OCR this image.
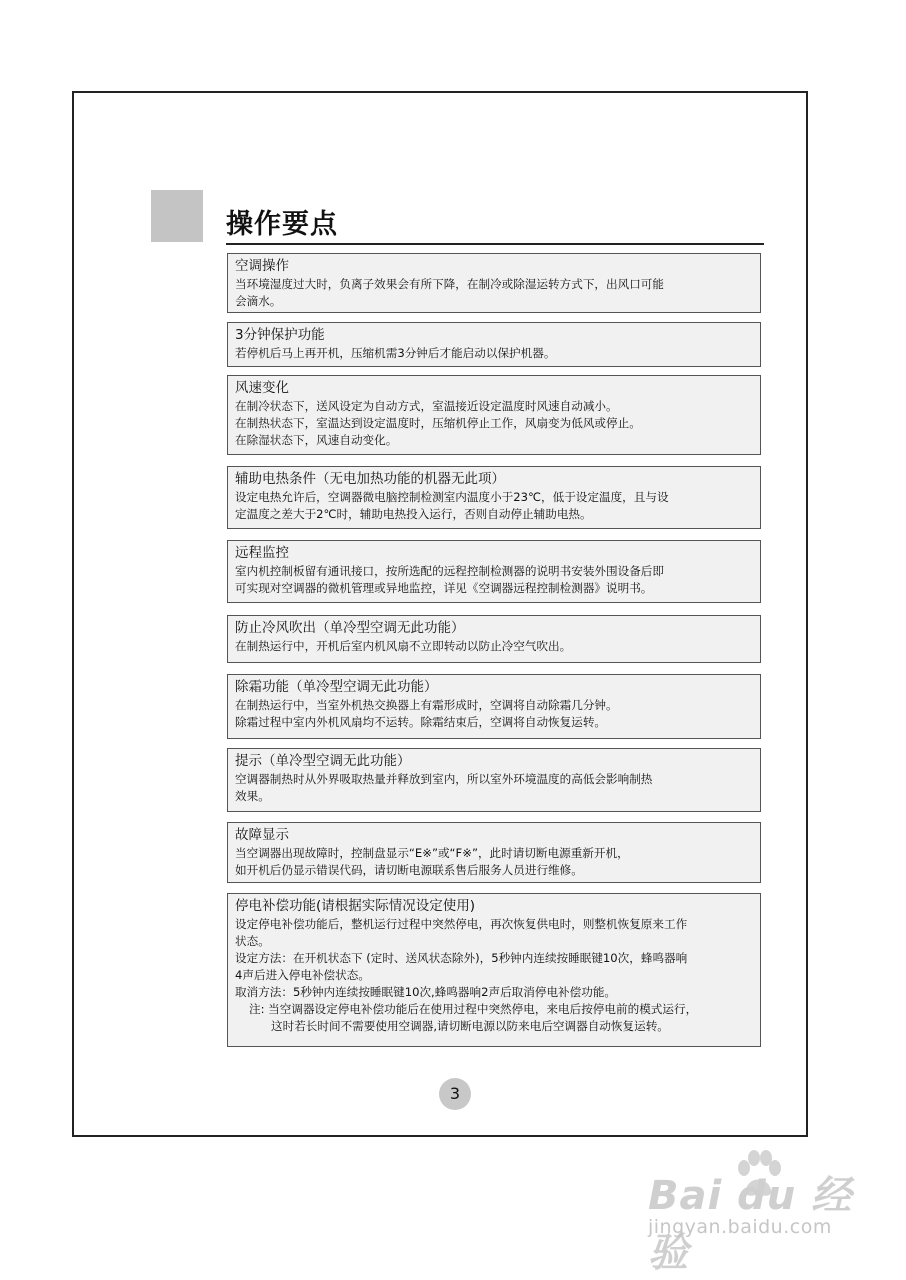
操作要点
空调操作
当环境湿度过大时，负离子效果会有所下降，在制冷或除湿运转方式下，出风口可能
会滴水。
3分钟保护功能
若停机后马上再开机，压缩机需3分钟后才能启动以保护机器。
风速变化
在制冷状态下，送风设定为自动方式，室温接近设定温度时风速自动减小。
在制热状态下，室温达到设定温度时，压缩机停止工作，风扇变为低风或停止。
在除湿状态下，风速自动变化。
辅助电热条件（无电加热功能的机器无此项）
设定电热允许后，空调器微电脑控制检测室内温度小于23℃，低于设定温度，且与设
定温度之差大于2℃时，辅助电热投入运行，否则自动停止辅助电热。
远程监控
室内机控制板留有通讯接口，按所选配的远程控制检测器的说明书安装外围设备后即
可实现对空调器的微机管理或异地监控，详见《空调器远程控制检测器》说明书。
防止冷风吹出（单冷型空调无此功能）
在制热运行中，开机后室内机风扇不立即转动以防止冷空气吹出。
除霜功能（单冷型空调无此功能）
在制热运行中，当室外机热交换器上有霜形成时，空调将自动除霜几分钟。
除霜过程中室内外机风扇均不运转。除霜结束后，空调将自动恢复运转。
提示（单冷型空调无此功能）
空调器制热时从外界吸取热量并释放到室内，所以室外环境温度的高低会影响制热
效果。
故障显示
当空调器出现故障时，控制盘显示“E※”或“F※”，此时请切断电源重新开机，
如开机后仍显示错误代码，请切断电源联系售后服务人员进行维修。
停电补偿功能(请根据实际情况设定使用)
设定停电补偿功能后，整机运行过程中突然停电，再次恢复供电时，则整机恢复原来工作
状态。
设定方法：在开机状态下 (定时、送风状态除外)，5秒钟内连续按睡眠键10次，蜂鸣器响
4声后进入停电补偿状态。
取消方法：5秒钟内连续按睡眠键10次,蜂鸣器响2声后取消停电补偿功能。
注: 当空调器设定停电补偿功能后在使用过程中突然停电，来电后按停电前的模式运行，
这时若长时间不需要使用空调器,请切断电源以防来电后空调器自动恢复运转。
3
Bai du 经验
jingyan.baidu.com
